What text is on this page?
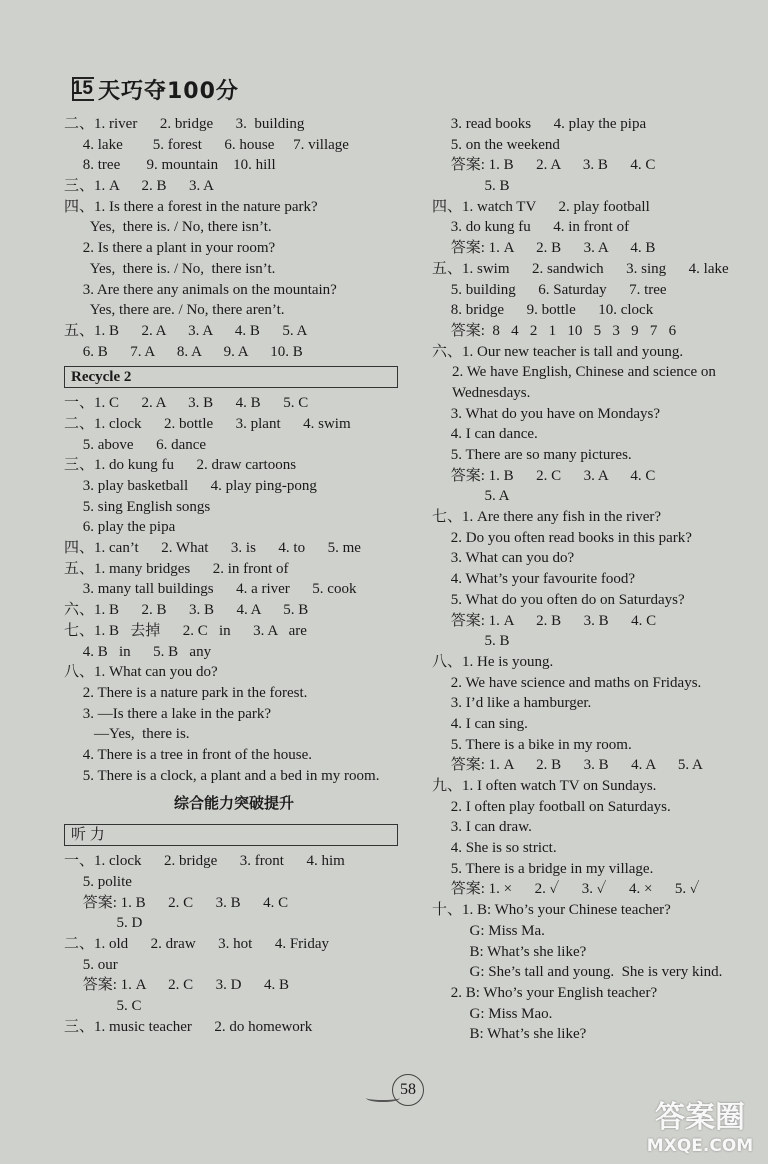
15 天巧夺100分
二、1. river      2. bridge      3.  building
4. lake        5. forest      6. house     7. village
8. tree       9. mountain    10. hill
三、1. A      2. B      3. A
四、1. Is there a forest in the nature park?
Yes,  there is. / No, there isn’t.
2. Is there a plant in your room?
Yes,  there is. / No,  there isn’t.
3. Are there any animals on the mountain?
Yes, there are. / No, there aren’t.
五、1. B      2. A      3. A      4. B      5. A
6. B      7. A      8. A      9. A      10. B
Recycle 2
一、1. C      2. A      3. B      4. B      5. C
二、1. clock      2. bottle      3. plant      4. swim
5. above      6. dance
三、1. do kung fu      2. draw cartoons
3. play basketball      4. play ping-pong
5. sing English songs
6. play the pipa
四、1. can’t      2. What      3. is      4. to      5. me
五、1. many bridges      2. in front of
3. many tall buildings      4. a river      5. cook
六、1. B      2. B      3. B      4. A      5. B
七、1. B   去掉      2. C   in      3. A   are
4. B   in      5. B   any
八、1. What can you do?
2. There is a nature park in the forest.
3. —Is there a lake in the park?
—Yes,  there is.
4. There is a tree in front of the house.
5. There is a clock, a plant and a bed in my room.
综合能力突破提升
听 力
一、1. clock      2. bridge      3. front      4. him
5. polite
答案: 1. B      2. C      3. B      4. C
5. D
二、1. old      2. draw      3. hot      4. Friday
5. our
答案: 1. A      2. C      3. D      4. B
5. C
三、1. music teacher      2. do homework
3. read books      4. play the pipa
5. on the weekend
答案: 1. B      2. A      3. B      4. C
5. B
四、1. watch TV      2. play football
3. do kung fu      4. in front of
答案: 1. A      2. B      3. A      4. B
五、1. swim      2. sandwich      3. sing      4. lake
5. building      6. Saturday      7. tree
8. bridge      9. bottle      10. clock
答案:  8   4   2   1   10   5   3   9   7   6
六、1. Our new teacher is tall and young.
2. We have English, Chinese and science on Wednesdays.
3. What do you have on Mondays?
4. I can dance.
5. There are so many pictures.
答案: 1. B      2. C      3. A      4. C
5. A
七、1. Are there any fish in the river?
2. Do you often read books in this park?
3. What can you do?
4. What’s your favourite food?
5. What do you often do on Saturdays?
答案: 1. A      2. B      3. B      4. C
5. B
八、1. He is young.
2. We have science and maths on Fridays.
3. I’d like a hamburger.
4. I can sing.
5. There is a bike in my room.
答案: 1. A      2. B      3. B      4. A      5. A
九、1. I often watch TV on Sundays.
2. I often play football on Saturdays.
3. I can draw.
4. She is so strict.
5. There is a bridge in my village.
答案: 1. ×      2. ✓      3. ✓      4. ×      5. ✓
十、1. B: Who’s your Chinese teacher?
G: Miss Ma.
B: What’s she like?
G: She’s tall and young.  She is very kind.
2. B: Who’s your English teacher?
G: Miss Mao.
B: What’s she like?
58
答案圈
MXQE.COM
